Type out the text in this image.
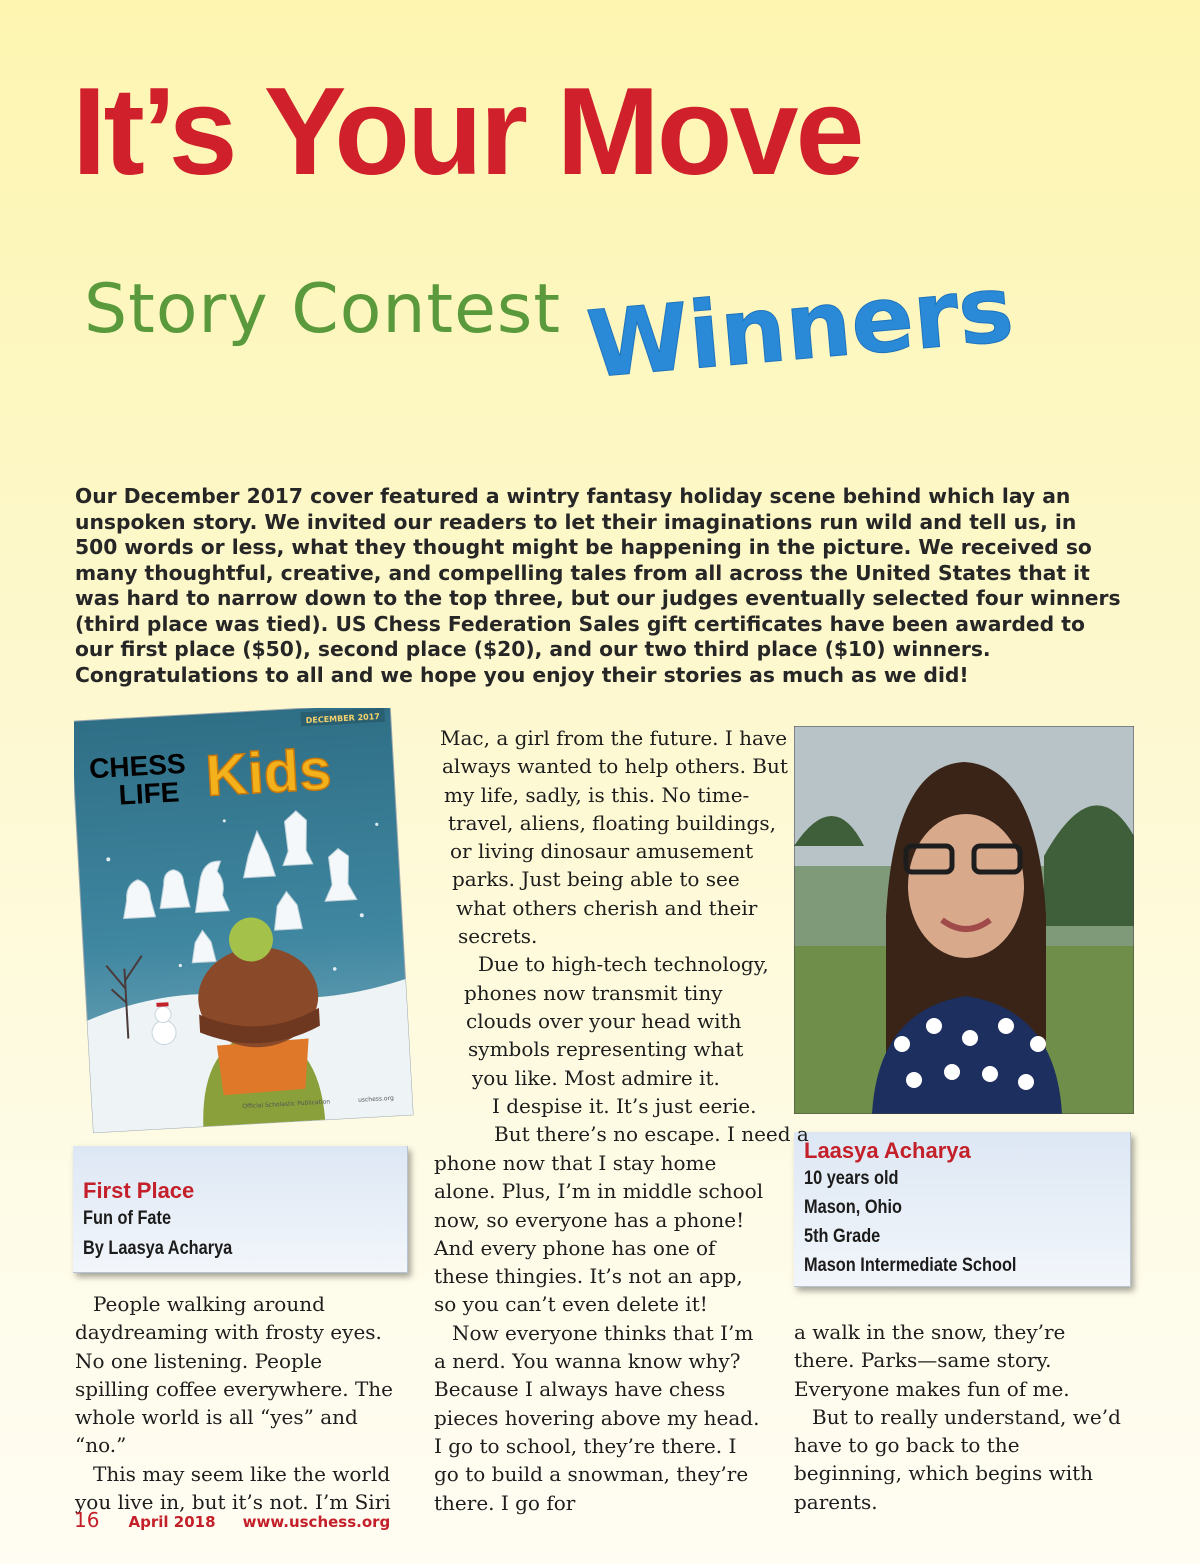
It’s Your Move
Story Contest Winners

Our December 2017 cover featured a wintry fantasy holiday scene behind which lay an unspoken story. We invited our readers to let their imaginations run wild and tell us, in 500 words or less, what they thought might be happening in the picture. We received so many thoughtful, creative, and compelling tales from all across the United States that it was hard to narrow down to the top three, but our judges eventually selected four winners (third place was tied). US Chess Federation Sales gift certificates have been awarded to our first place ($50), second place ($20), and our two third place ($10) winners. Congratulations to all and we hope you enjoy their stories as much as we did!

DECEMBER 2017
CHESS
LIFE Kids
Official Scholastic Publication	uschess.org
First Place
Fun of Fate
By Laasya Acharya
Laasya Acharya
10 years old
Mason, Ohio
5th Grade
Mason Intermediate School

People walking around daydreaming with frosty eyes. No one listening. People spilling coffee everywhere. The whole world is all “yes” and “no.”

This may seem like the world you live in, but it’s not. I’m Siri

Mac, a girl from the future. I have
always wanted to help others. But
my life, sadly, is this. No time-
travel, aliens, floating buildings,
or living dinosaur amusement
parks. Just being able to see
what others cherish and their
secrets.
Due to high-tech technology,
phones now transmit tiny
clouds over your head with
symbols representing what
you like. Most admire it.
I despise it. It’s just eerie.
But there’s no escape. I need a

phone now that I stay home alone. Plus, I’m in middle school now, so everyone has a phone! And every phone has one of these thingies. It’s not an app, so you can’t even delete it!

Now everyone thinks that I’m a nerd. You wanna know why? Because I always have chess pieces hovering above my head. I go to school, they’re there. I go to build a snowman, they’re there. I go for

a walk in the snow, they’re there. Parks—same story. Everyone makes fun of me.

But to really understand, we’d have to go back to the beginning, which begins with parents.

16 April 2018 www.uschess.org
